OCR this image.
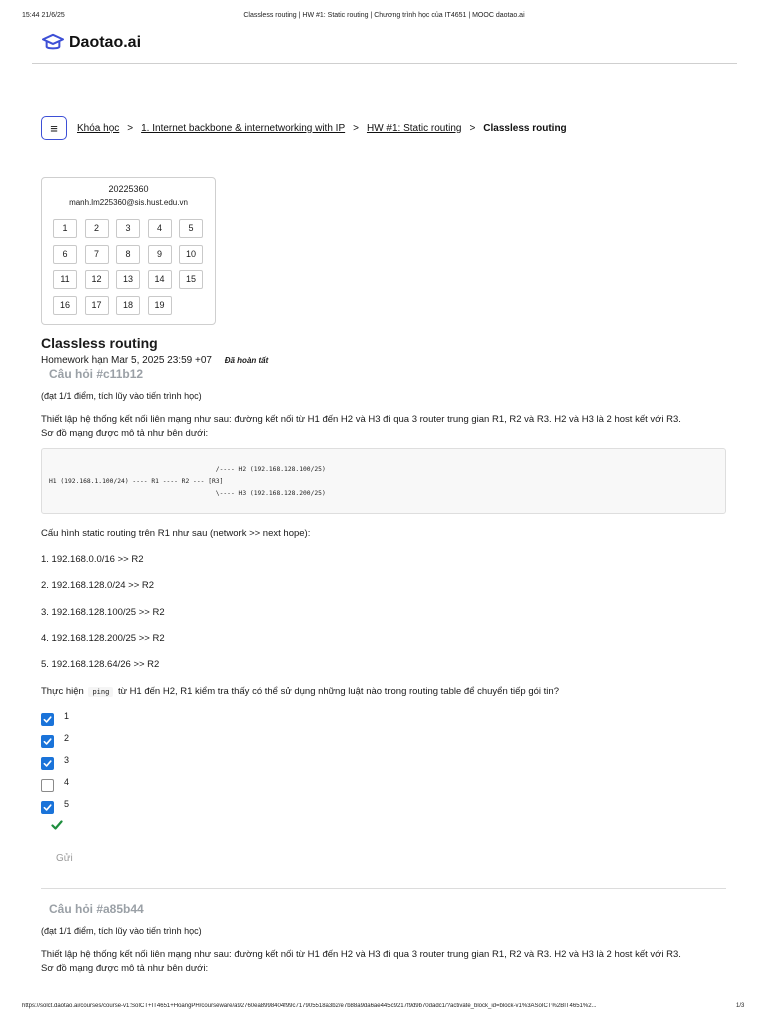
15:44 21/6/25	Classless routing | HW #1: Static routing | Chương trình học của IT4651 | MOOC daotao.ai
Daotao.ai
≡ Khóa học > 1. Internet backbone & internetworking with IP > HW #1: Static routing > Classless routing
20225360
manh.lm225360@sis.hust.edu.vn
1	2	3	4	5
6	7	8	9	10
11	12	13	14	15
16	17	18	19
Classless routing
Homework hạn Mar 5, 2025 23:59 +07 Đã hoàn tất
Câu hỏi #c11b12
(đạt 1/1 điểm, tích lũy vào tiến trình học)
Thiết lập hệ thống kết nối liên mạng như sau: đường kết nối từ H1 đến H2 và H3 đi qua 3 router trung gian R1, R2 và R3. H2 và H3 là 2 host kết với R3.
Sơ đồ mạng được mô tả như bên dưới:
/---- H2 (192.168.128.100/25)
H1 (192.168.1.100/24) ---- R1 ---- R2 --- [R3]
\---- H3 (192.168.128.200/25)
Cấu hình static routing trên R1 như sau (network >> next hope):
1. 192.168.0.0/16 >> R2
2. 192.168.128.0/24 >> R2
3. 192.168.128.100/25 >> R2
4. 192.168.128.200/25 >> R2
5. 192.168.128.64/26 >> R2
Thực hiện ping từ H1 đến H2, R1 kiểm tra thấy có thể sử dụng những luật nào trong routing table để chuyển tiếp gói tin?
1
2
3
4
5
Gửi
Câu hỏi #a85b44
(đạt 1/1 điểm, tích lũy vào tiến trình học)
Thiết lập hệ thống kết nối liên mạng như sau: đường kết nối từ H1 đến H2 và H3 đi qua 3 router trung gian R1, R2 và R3. H2 và H3 là 2 host kết với R3.
Sơ đồ mạng được mô tả như bên dưới:
https://solct.daotao.ai/courses/course-v1:SoICT+IT4651+HoangPH/courseware/a92760ea8998404f99c717905518a3b2/e7b88a9da6ae445c9217f9d9b70dadc1/?activate_block_id=block-v1%3ASoICT%2BIT4651%2...	1/3
